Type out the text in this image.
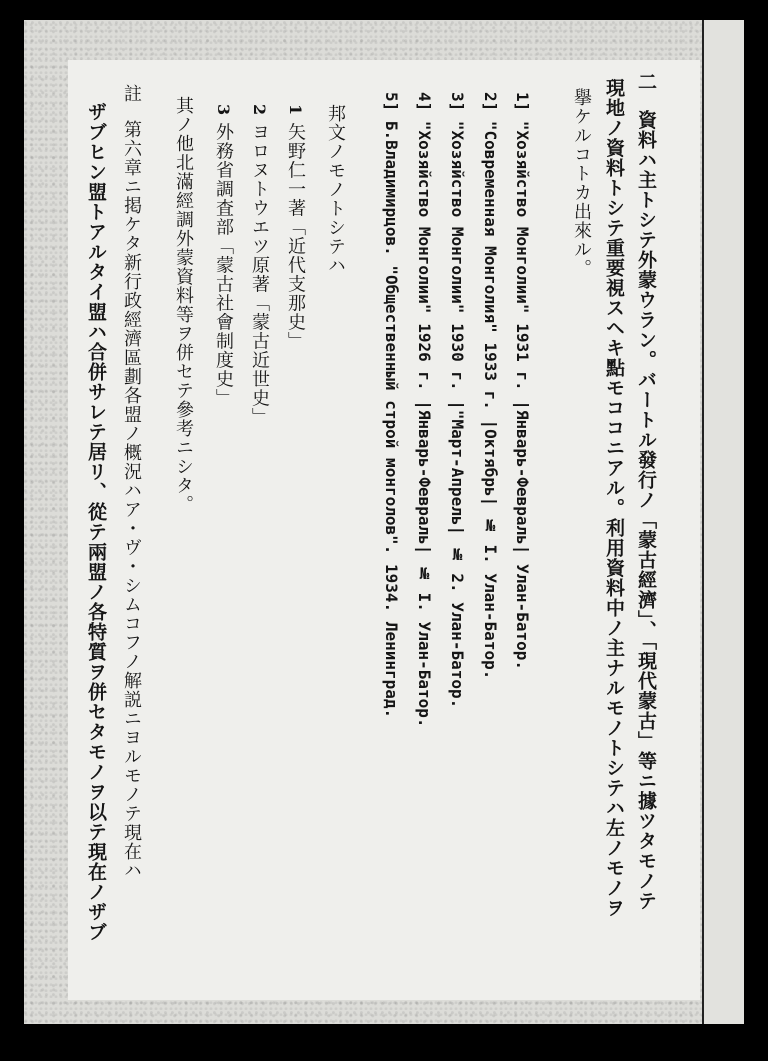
二
資料ハ主トシテ外蒙ウラン。バートル發行ノ「蒙古經濟」、「現代蒙古」等ニ據ツタモノテ
現地ノ資料トシテ重要視スヘキ點モココニアル。利用資料中ノ主ナルモノトシテハ左ノモノヲ
擧ケルコトカ出來ル。
1] "Хозяйство Монголии" 1931 г. |Январь-Февраль| Улан-Батор.
2] "Современная Монголия" 1933 г. |Октябрь| № I. Улан-Батор.
3] "Хозяйство Монголии" 1930 г. |"Март-Апрель| № 2. Улан-Батор.
4] "Хозяйство Монголии" 1926 г. |Январь-Февраль| № I. Улан-Батор.
5] Б.Владимирцов. "Общественный строй монголов". 1934. Ленинград.
邦文ノモノトシテハ
1 矢野仁一著「近代支那史」
2 ヨロヌトウエツ原著「蒙古近世史」
3 外務省調査部「蒙古社會制度史」
其ノ他北滿經調外蒙資料等ヲ併セテ參考ニシタ。
註
第六章ニ掲ケタ新行政經濟區劃各盟ノ概況ハア・ヴ・シムコフノ解説ニヨルモノテ現在ハ
ザブヒン盟トアルタイ盟ハ合併サレテ居リ、從テ兩盟ノ各特質ヲ併セタモノヲ以テ現在ノザブ
